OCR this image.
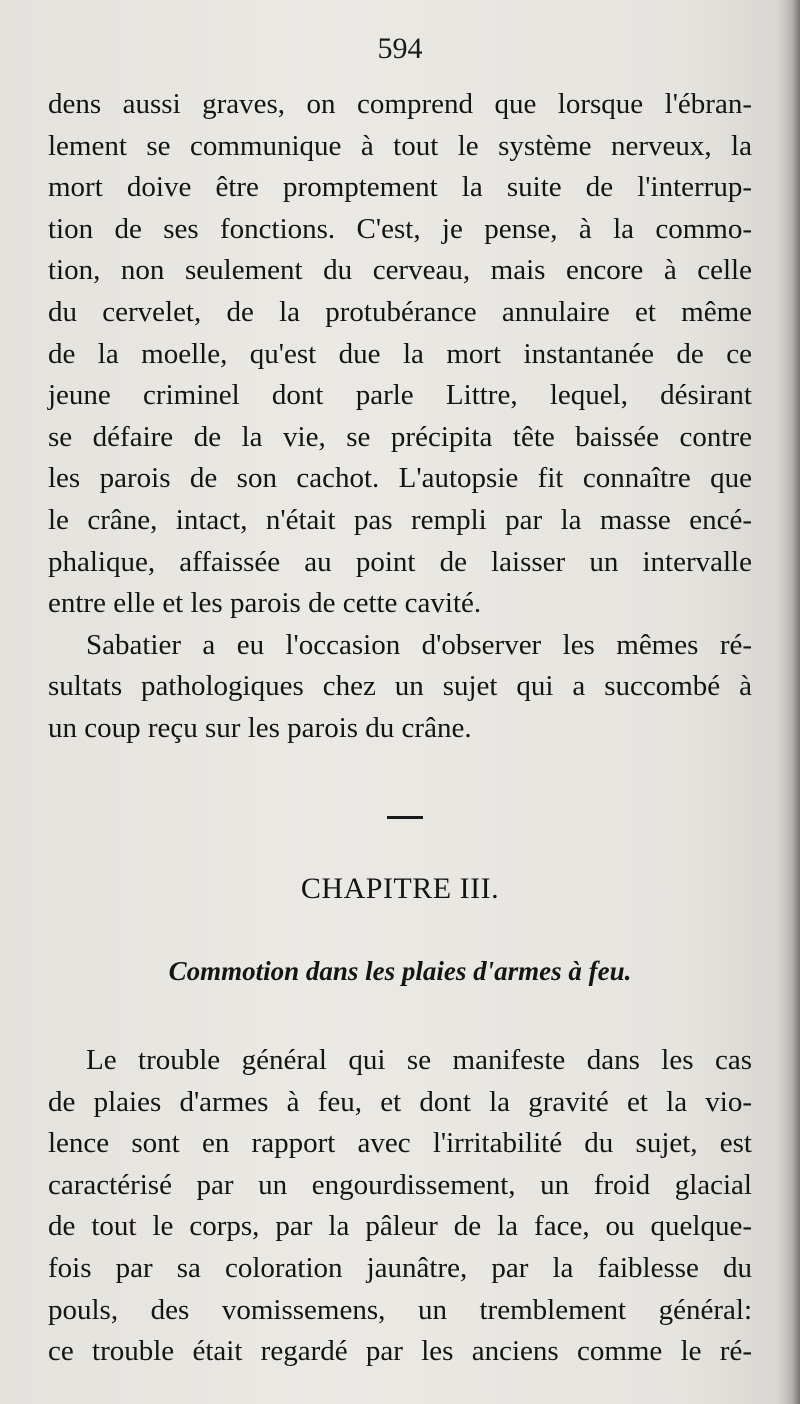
594
dens aussi graves, on comprend que lorsque l'ébran-
lement se communique à tout le système nerveux, la
mort doive être promptement la suite de l'interrup-
tion de ses fonctions. C'est, je pense, à la commo-
tion, non seulement du cerveau, mais encore à celle
du cervelet, de la protubérance annulaire et même
de la moelle, qu'est due la mort instantanée de ce
jeune criminel dont parle Littre, lequel, désirant
se défaire de la vie, se précipita tête baissée contre
les parois de son cachot. L'autopsie fit connaître que
le crâne, intact, n'était pas rempli par la masse encé-
phalique, affaissée au point de laisser un intervalle
entre elle et les parois de cette cavité.
Sabatier a eu l'occasion d'observer les mêmes ré-
sultats pathologiques chez un sujet qui a succombé à
un coup reçu sur les parois du crâne.
CHAPITRE III.
Commotion dans les plaies d'armes à feu.
Le trouble général qui se manifeste dans les cas
de plaies d'armes à feu, et dont la gravité et la vio-
lence sont en rapport avec l'irritabilité du sujet, est
caractérisé par un engourdissement, un froid glacial
de tout le corps, par la pâleur de la face, ou quelque-
fois par sa coloration jaunâtre, par la faiblesse du
pouls, des vomissemens, un tremblement général:
ce trouble était regardé par les anciens comme le ré-
